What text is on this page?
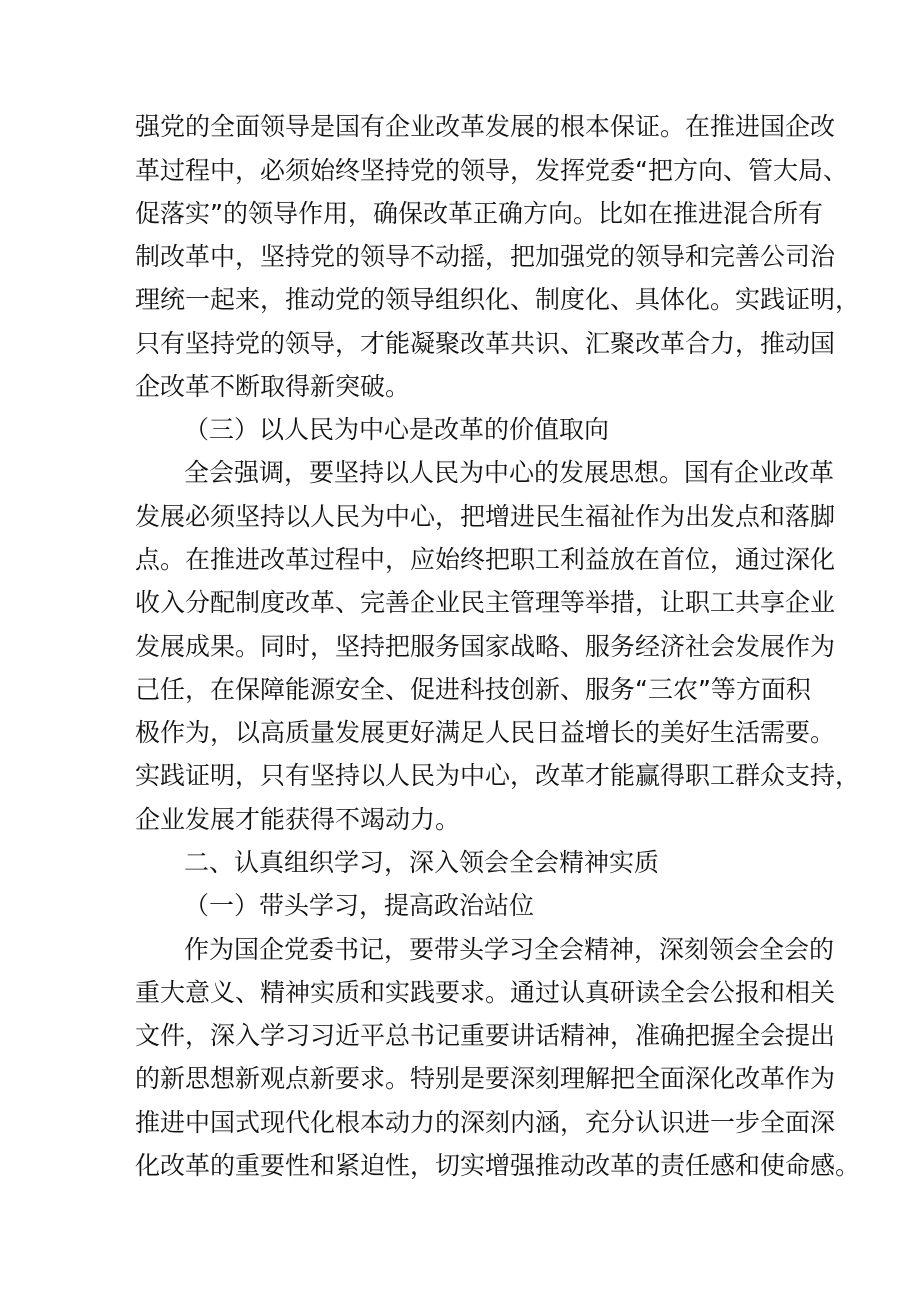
强党的全面领导是国有企业改革发展的根本保证。在推进国企改
革过程中，必须始终坚持党的领导，发挥党委“把方向、管大局、
促落实”的领导作用，确保改革正确方向。比如在推进混合所有
制改革中，坚持党的领导不动摇，把加强党的领导和完善公司治
理统一起来，推动党的领导组织化、制度化、具体化。实践证明，
只有坚持党的领导，才能凝聚改革共识、汇聚改革合力，推动国
企改革不断取得新突破。
（三）以人民为中心是改革的价值取向
全会强调，要坚持以人民为中心的发展思想。国有企业改革
发展必须坚持以人民为中心，把增进民生福祉作为出发点和落脚
点。在推进改革过程中，应始终把职工利益放在首位，通过深化
收入分配制度改革、完善企业民主管理等举措，让职工共享企业
发展成果。同时，坚持把服务国家战略、服务经济社会发展作为
己任，在保障能源安全、促进科技创新、服务“三农”等方面积
极作为，以高质量发展更好满足人民日益增长的美好生活需要。
实践证明，只有坚持以人民为中心，改革才能赢得职工群众支持，
企业发展才能获得不竭动力。
二、认真组织学习，深入领会全会精神实质
（一）带头学习，提高政治站位
作为国企党委书记，要带头学习全会精神，深刻领会全会的
重大意义、精神实质和实践要求。通过认真研读全会公报和相关
文件，深入学习习近平总书记重要讲话精神，准确把握全会提出
的新思想新观点新要求。特别是要深刻理解把全面深化改革作为
推进中国式现代化根本动力的深刻内涵，充分认识进一步全面深
化改革的重要性和紧迫性，切实增强推动改革的责任感和使命感。
